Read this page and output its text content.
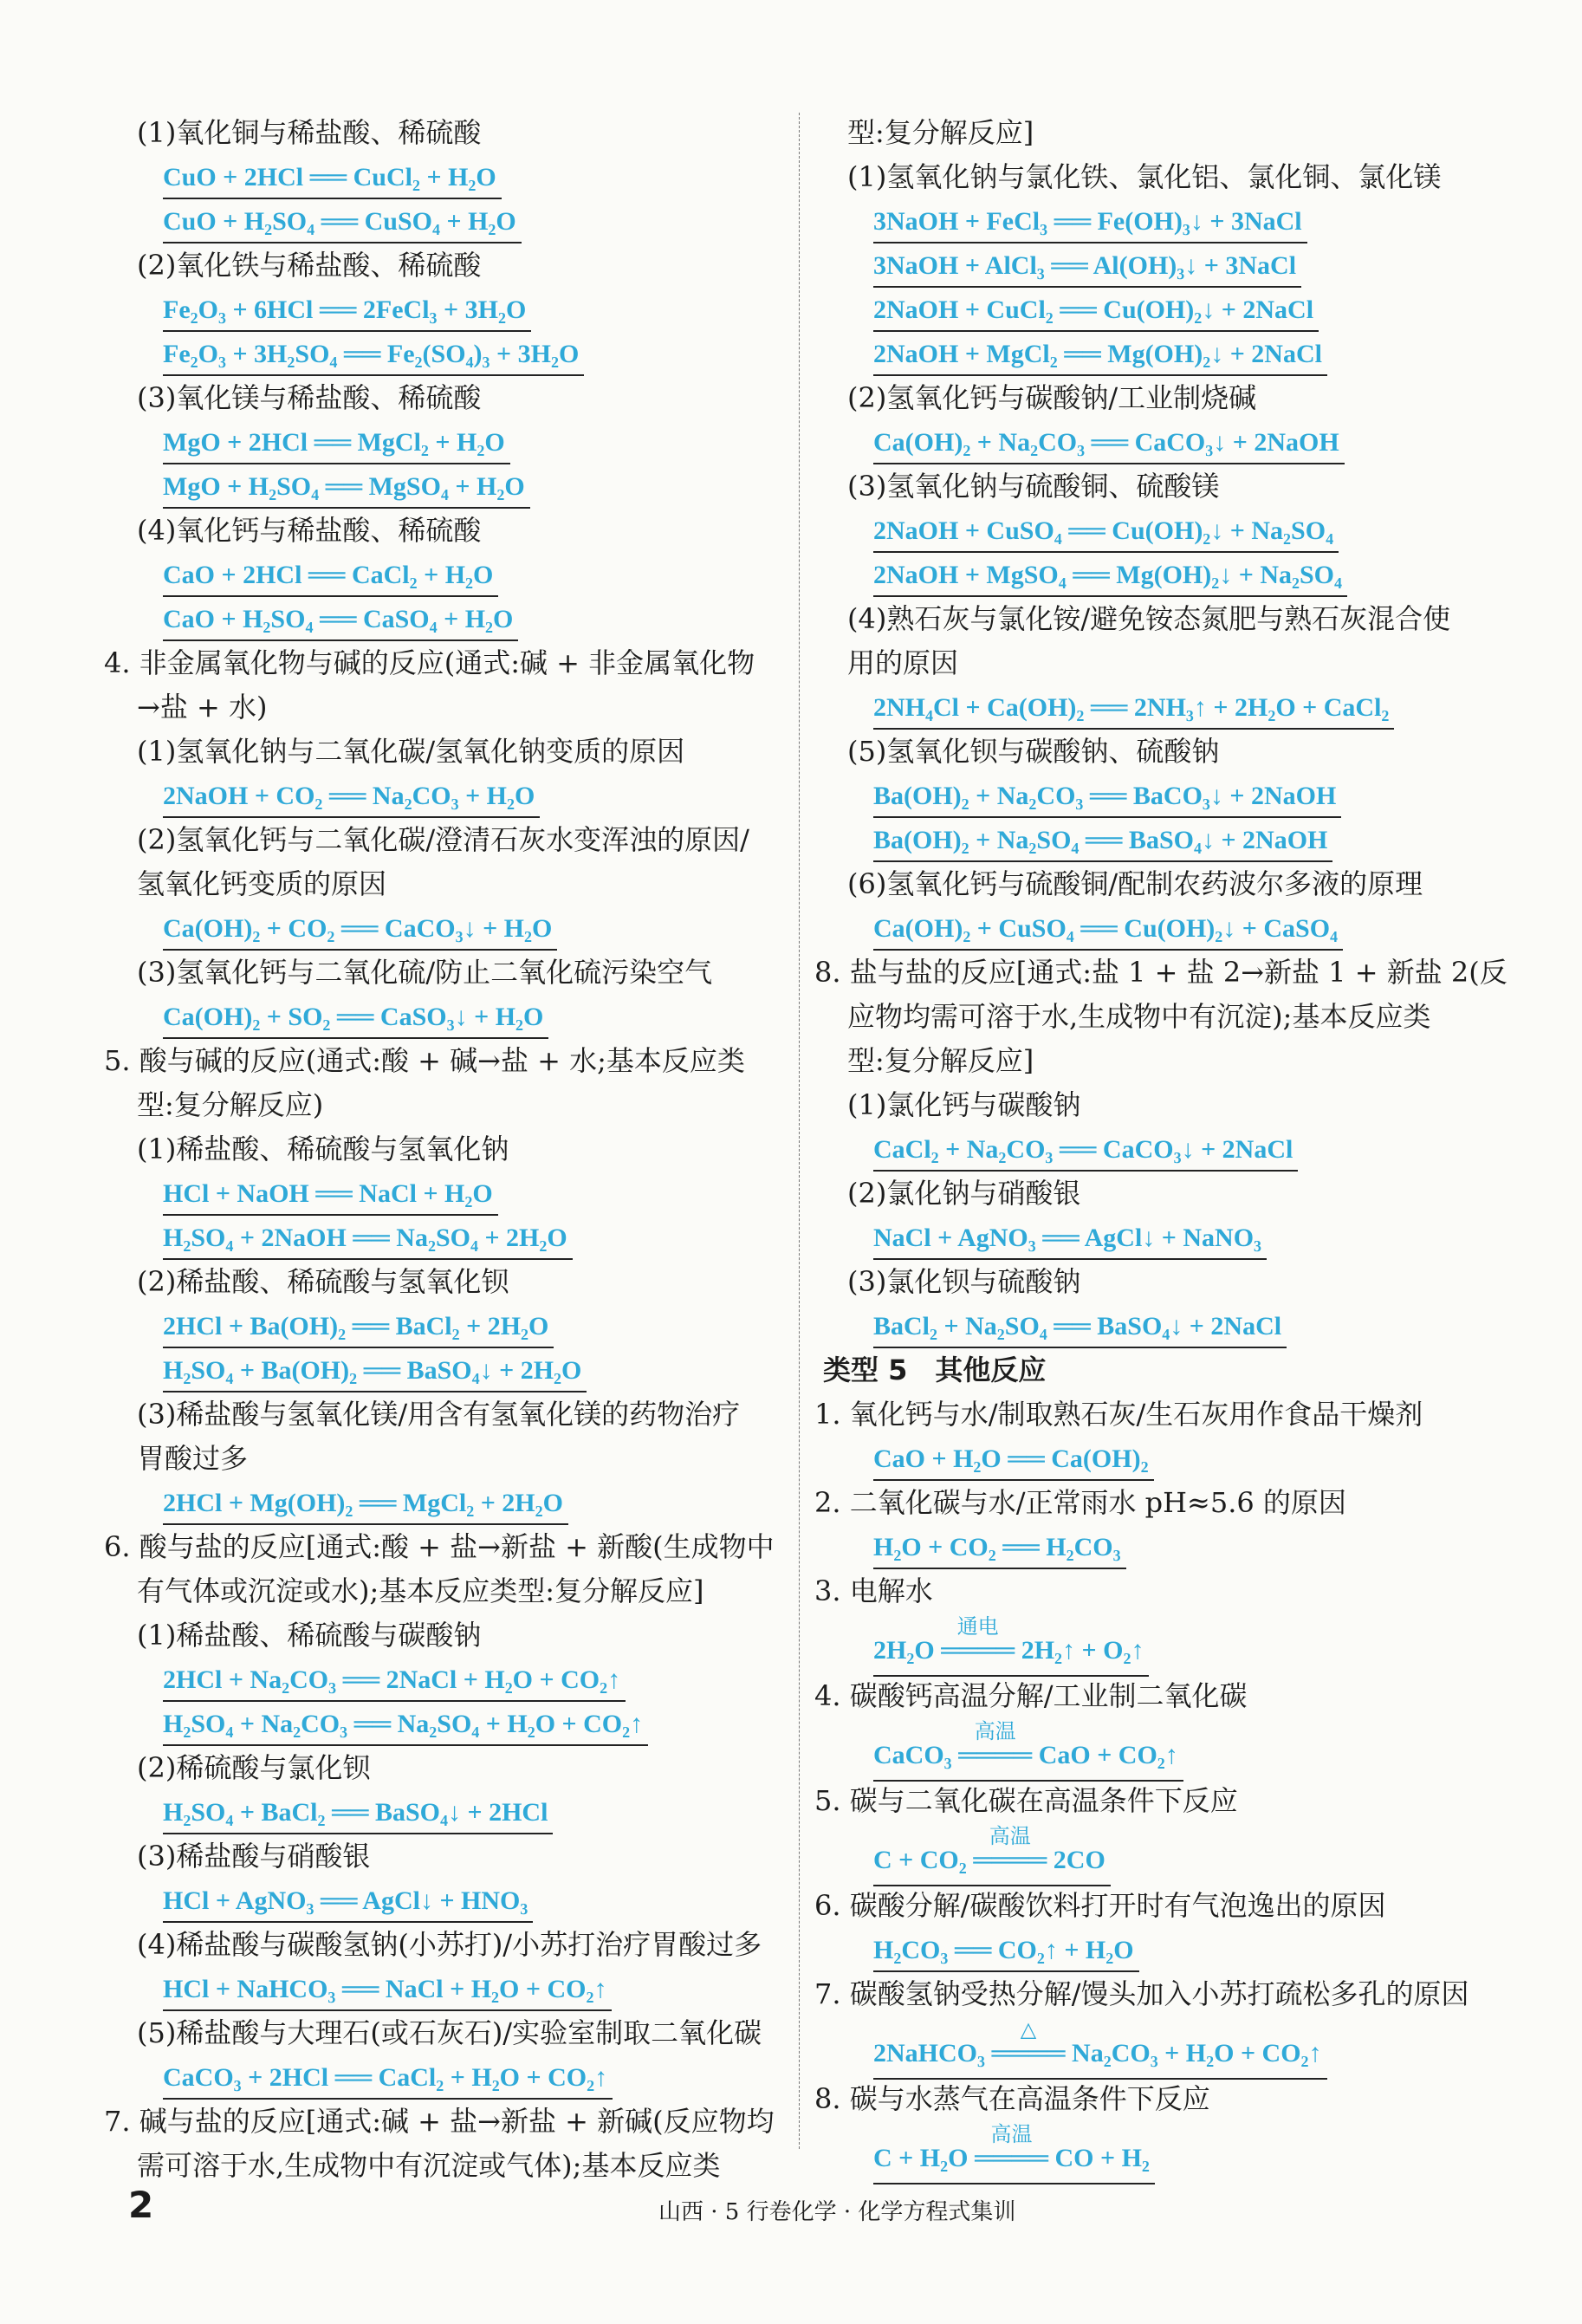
(1)氧化铜与稀盐酸、稀硫酸
CuO + 2HCl ══ CuCl₂ + H₂O
CuO + H₂SO₄ ══ CuSO₄ + H₂O
(2)氧化铁与稀盐酸、稀硫酸
Fe₂O₃ + 6HCl ══ 2FeCl₃ + 3H₂O
Fe₂O₃ + 3H₂SO₄ ══ Fe₂(SO₄)₃ + 3H₂O
(3)氧化镁与稀盐酸、稀硫酸
MgO + 2HCl ══ MgCl₂ + H₂O
MgO + H₂SO₄ ══ MgSO₄ + H₂O
(4)氧化钙与稀盐酸、稀硫酸
CaO + 2HCl ══ CaCl₂ + H₂O
CaO + H₂SO₄ ══ CaSO₄ + H₂O
4. 非金属氧化物与碱的反应(通式:碱 + 非金属氧化物
→盐 + 水)
(1)氢氧化钠与二氧化碳/氢氧化钠变质的原因
2NaOH + CO₂ ══ Na₂CO₃ + H₂O
(2)氢氧化钙与二氧化碳/澄清石灰水变浑浊的原因/
氢氧化钙变质的原因
Ca(OH)₂ + CO₂ ══ CaCO₃↓ + H₂O
(3)氢氧化钙与二氧化硫/防止二氧化硫污染空气
Ca(OH)₂ + SO₂ ══ CaSO₃↓ + H₂O
5. 酸与碱的反应(通式:酸 + 碱→盐 + 水;基本反应类
型:复分解反应)
(1)稀盐酸、稀硫酸与氢氧化钠
HCl + NaOH ══ NaCl + H₂O
H₂SO₄ + 2NaOH ══ Na₂SO₄ + 2H₂O
(2)稀盐酸、稀硫酸与氢氧化钡
2HCl + Ba(OH)₂ ══ BaCl₂ + 2H₂O
H₂SO₄ + Ba(OH)₂ ══ BaSO₄↓ + 2H₂O
(3)稀盐酸与氢氧化镁/用含有氢氧化镁的药物治疗
胃酸过多
2HCl + Mg(OH)₂ ══ MgCl₂ + 2H₂O
6. 酸与盐的反应[通式:酸 + 盐→新盐 + 新酸(生成物中
有气体或沉淀或水);基本反应类型:复分解反应]
(1)稀盐酸、稀硫酸与碳酸钠
2HCl + Na₂CO₃ ══ 2NaCl + H₂O + CO₂↑
H₂SO₄ + Na₂CO₃ ══ Na₂SO₄ + H₂O + CO₂↑
(2)稀硫酸与氯化钡
H₂SO₄ + BaCl₂ ══ BaSO₄↓ + 2HCl
(3)稀盐酸与硝酸银
HCl + AgNO₃ ══ AgCl↓ + HNO₃
(4)稀盐酸与碳酸氢钠(小苏打)/小苏打治疗胃酸过多
HCl + NaHCO₃ ══ NaCl + H₂O + CO₂↑
(5)稀盐酸与大理石(或石灰石)/实验室制取二氧化碳
CaCO₃ + 2HCl ══ CaCl₂ + H₂O + CO₂↑
7. 碱与盐的反应[通式:碱 + 盐→新盐 + 新碱(反应物均
需可溶于水,生成物中有沉淀或气体);基本反应类
型:复分解反应]
(1)氢氧化钠与氯化铁、氯化铝、氯化铜、氯化镁
3NaOH + FeCl₃ ══ Fe(OH)₃↓ + 3NaCl
3NaOH + AlCl₃ ══ Al(OH)₃↓ + 3NaCl
2NaOH + CuCl₂ ══ Cu(OH)₂↓ + 2NaCl
2NaOH + MgCl₂ ══ Mg(OH)₂↓ + 2NaCl
(2)氢氧化钙与碳酸钠/工业制烧碱
Ca(OH)₂ + Na₂CO₃ ══ CaCO₃↓ + 2NaOH
(3)氢氧化钠与硫酸铜、硫酸镁
2NaOH + CuSO₄ ══ Cu(OH)₂↓ + Na₂SO₄
2NaOH + MgSO₄ ══ Mg(OH)₂↓ + Na₂SO₄
(4)熟石灰与氯化铵/避免铵态氮肥与熟石灰混合使
用的原因
2NH₄Cl + Ca(OH)₂ ══ 2NH₃↑ + 2H₂O + CaCl₂
(5)氢氧化钡与碳酸钠、硫酸钠
Ba(OH)₂ + Na₂CO₃ ══ BaCO₃↓ + 2NaOH
Ba(OH)₂ + Na₂SO₄ ══ BaSO₄↓ + 2NaOH
(6)氢氧化钙与硫酸铜/配制农药波尔多液的原理
Ca(OH)₂ + CuSO₄ ══ Cu(OH)₂↓ + CaSO₄
8. 盐与盐的反应[通式:盐 1 + 盐 2→新盐 1 + 新盐 2(反
应物均需可溶于水,生成物中有沉淀);基本反应类
型:复分解反应]
(1)氯化钙与碳酸钠
CaCl₂ + Na₂CO₃ ══ CaCO₃↓ + 2NaCl
(2)氯化钠与硝酸银
NaCl + AgNO₃ ══ AgCl↓ + NaNO₃
(3)氯化钡与硫酸钠
BaCl₂ + Na₂SO₄ ══ BaSO₄↓ + 2NaCl
类型 5　其他反应
1. 氧化钙与水/制取熟石灰/生石灰用作食品干燥剂
CaO + H₂O ══ Ca(OH)₂
2. 二氧化碳与水/正常雨水 pH≈5.6 的原因
H₂O + CO₂ ══ H₂CO₃
3. 电解水
2H₂O ════
通电
2H₂↑ + O₂↑
4. 碳酸钙高温分解/工业制二氧化碳
CaCO₃ ════
高温
CaO + CO₂↑
5. 碳与二氧化碳在高温条件下反应
C + CO₂ ════
高温
2CO
6. 碳酸分解/碳酸饮料打开时有气泡逸出的原因
H₂CO₃ ══ CO₂↑ + H₂O
7. 碳酸氢钠受热分解/馒头加入小苏打疏松多孔的原因
2NaHCO₃ ════
△
Na₂CO₃ + H₂O + CO₂↑
8. 碳与水蒸气在高温条件下反应
C + H₂O ════
高温
CO + H₂
2	山西 · 5 行卷化学 · 化学方程式集训
